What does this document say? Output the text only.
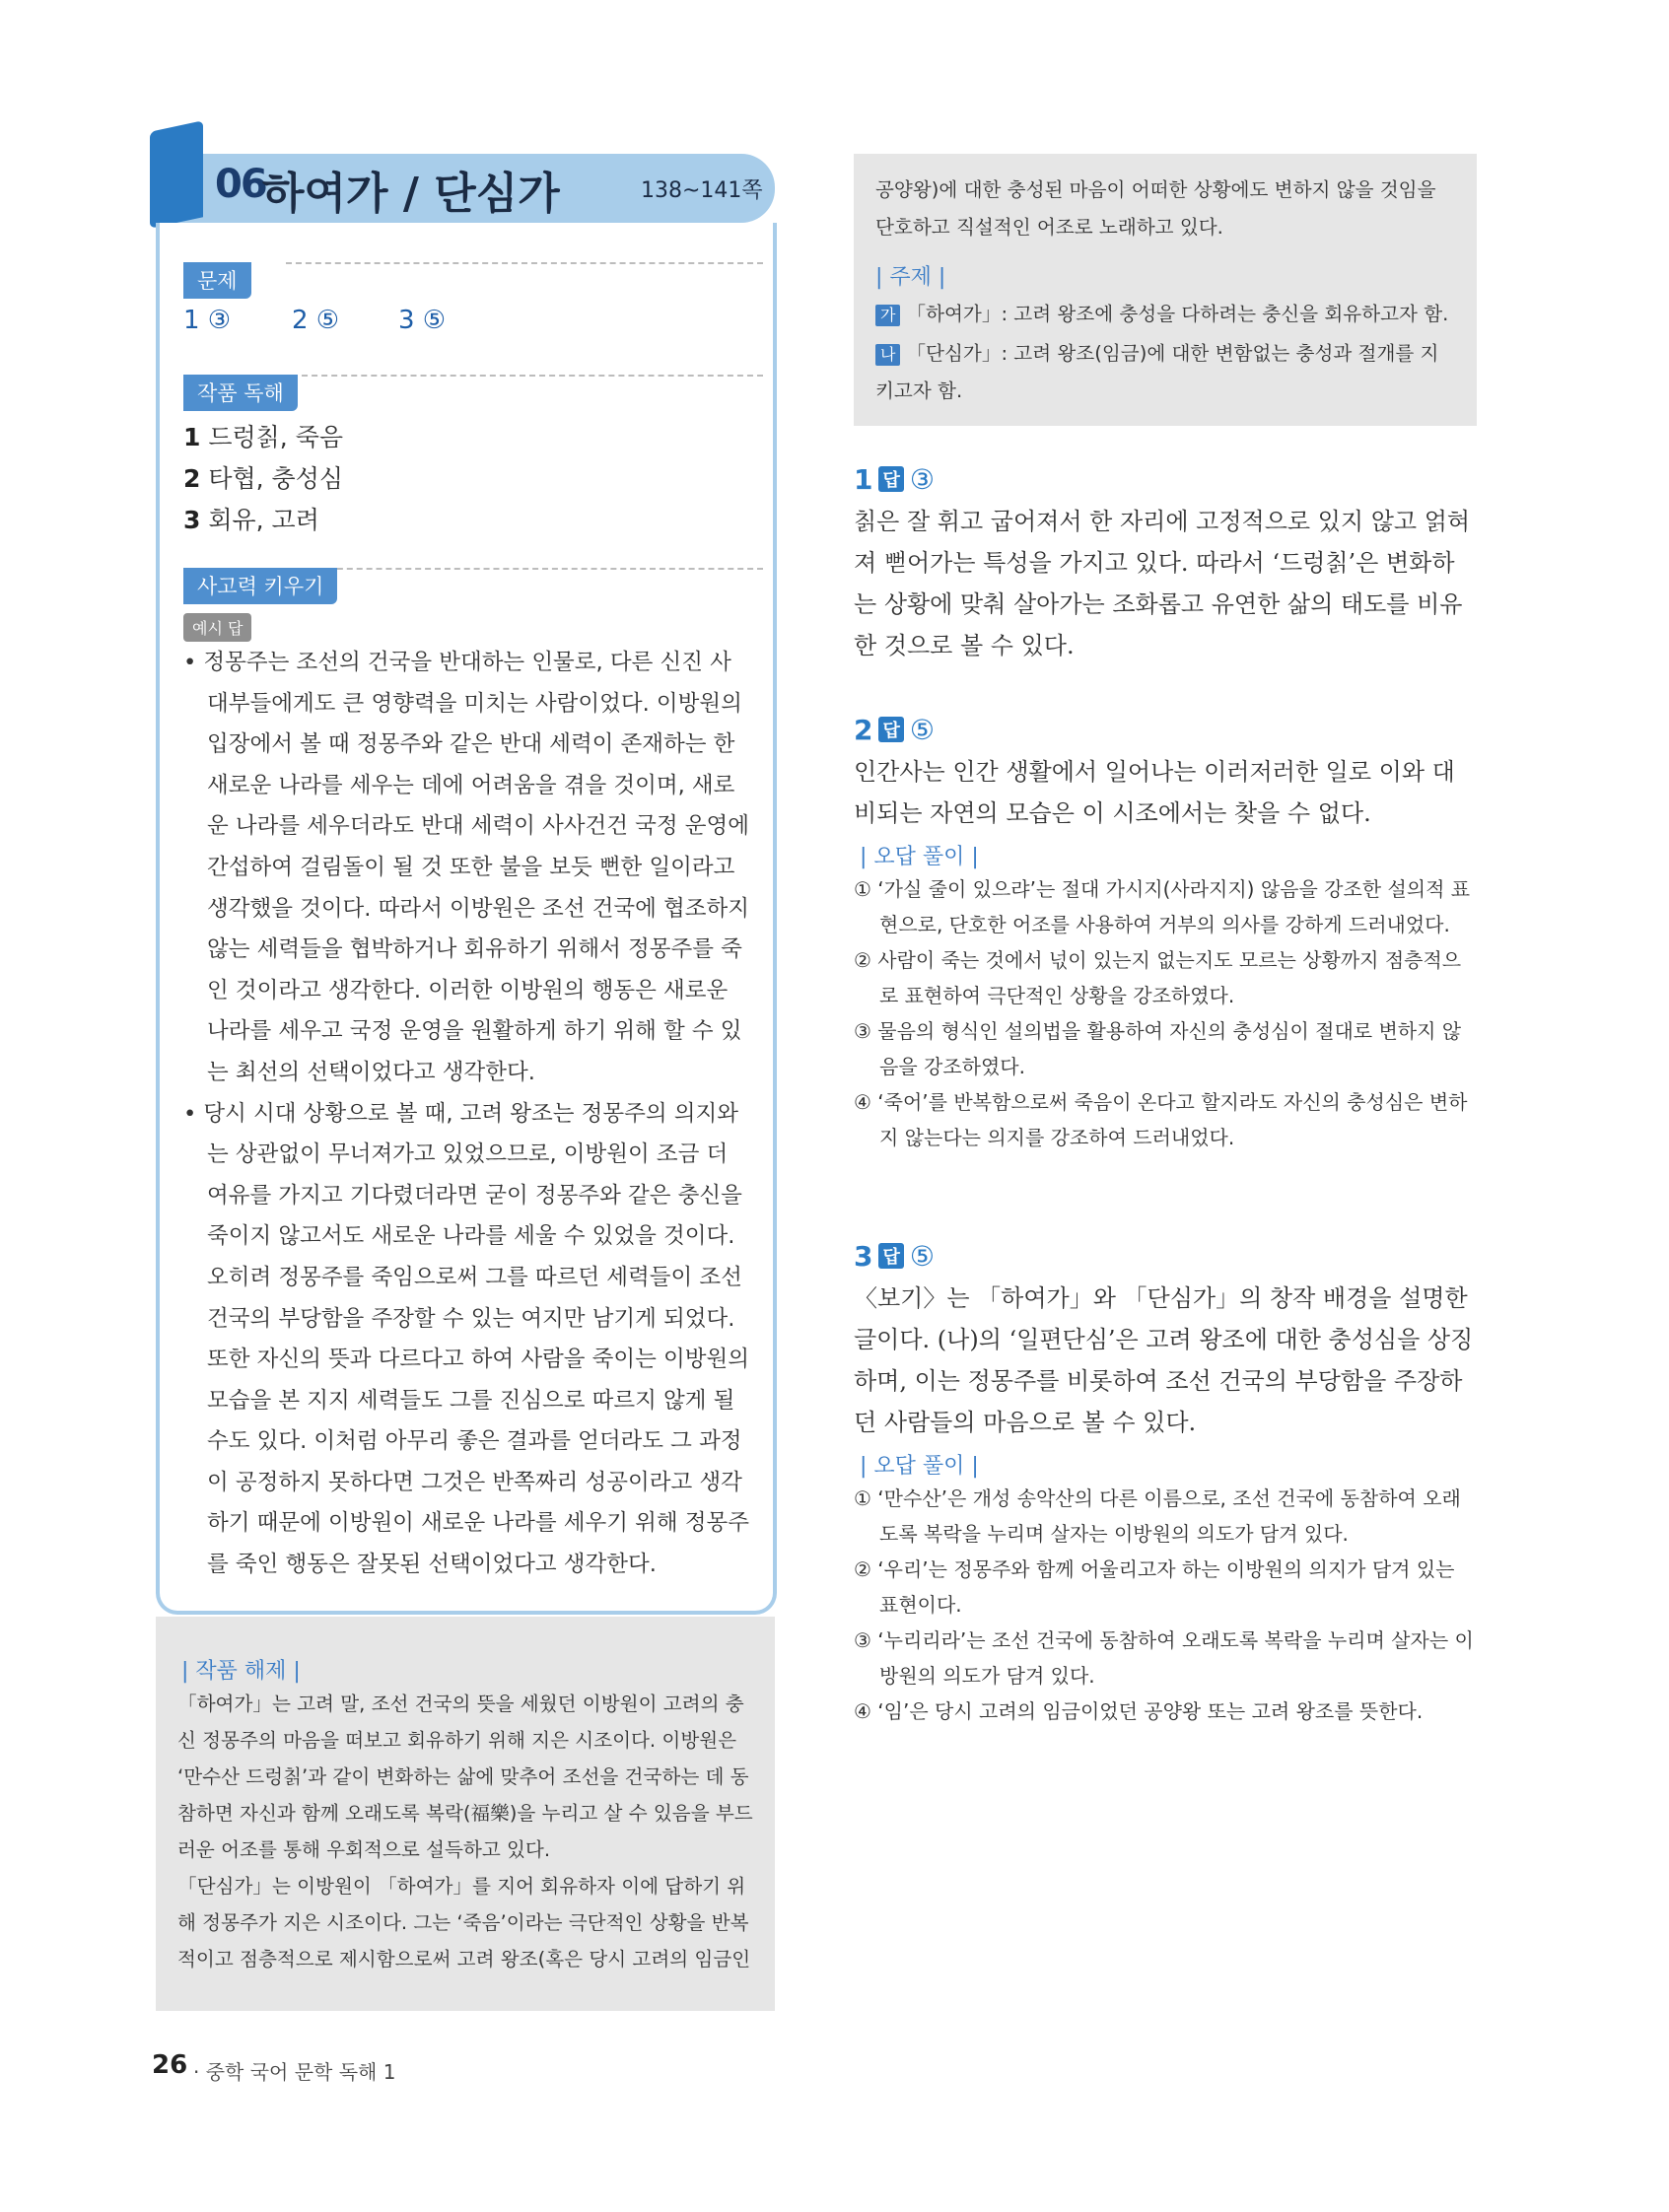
06
하여가 / 단심가	138~141쪽
문제
1 ③ 2 ⑤ 3 ⑤
작품 독해
1 드렁칡, 죽음
2 타협, 충성심
3 회유, 고려
사고력 키우기
예시 답

• 정몽주는 조선의 건국을 반대하는 인물로, 다른 신진 사대부들에게도 큰 영향력을 미치는 사람이었다. 이방원의 입장에서 볼 때 정몽주와 같은 반대 세력이 존재하는 한 새로운 나라를 세우는 데에 어려움을 겪을 것이며, 새로운 나라를 세우더라도 반대 세력이 사사건건 국정 운영에 간섭하여 걸림돌이 될 것 또한 불을 보듯 뻔한 일이라고 생각했을 것이다. 따라서 이방원은 조선 건국에 협조하지 않는 세력들을 협박하거나 회유하기 위해서 정몽주를 죽인 것이라고 생각한다. 이러한 이방원의 행동은 새로운 나라를 세우고 국정 운영을 원활하게 하기 위해 할 수 있는 최선의 선택이었다고 생각한다.

• 당시 시대 상황으로 볼 때, 고려 왕조는 정몽주의 의지와는 상관없이 무너져가고 있었으므로, 이방원이 조금 더 여유를 가지고 기다렸더라면 굳이 정몽주와 같은 충신을 죽이지 않고서도 새로운 나라를 세울 수 있었을 것이다. 오히려 정몽주를 죽임으로써 그를 따르던 세력들이 조선 건국의 부당함을 주장할 수 있는 여지만 남기게 되었다. 또한 자신의 뜻과 다르다고 하여 사람을 죽이는 이방원의 모습을 본 지지 세력들도 그를 진심으로 따르지 않게 될 수도 있다. 이처럼 아무리 좋은 결과를 얻더라도 그 과정이 공정하지 못하다면 그것은 반쪽짜리 성공이라고 생각하기 때문에 이방원이 새로운 나라를 세우기 위해 정몽주를 죽인 행동은 잘못된 선택이었다고 생각한다.

| 작품 해제 |

「하여가」는 고려 말, 조선 건국의 뜻을 세웠던 이방원이 고려의 충신 정몽주의 마음을 떠보고 회유하기 위해 지은 시조이다. 이방원은 ‘만수산 드렁칡’과 같이 변화하는 삶에 맞추어 조선을 건국하는 데 동참하면 자신과 함께 오래도록 복락(福樂)을 누리고 살 수 있음을 부드러운 어조를 통해 우회적으로 설득하고 있다.

「단심가」는 이방원이 「하여가」를 지어 회유하자 이에 답하기 위해 정몽주가 지은 시조이다. 그는 ‘죽음’이라는 극단적인 상황을 반복적이고 점층적으로 제시함으로써 고려 왕조(혹은 당시 고려의 임금인

26 · 중학 국어 문학 독해 1
공양왕)에 대한 충성된 마음이 어떠한 상황에도 변하지 않을 것임을 단호하고 직설적인 어조로 노래하고 있다.
| 주제 |
가 「하여가」: 고려 왕조에 충성을 다하려는 충신을 회유하고자 함.
나 「단심가」: 고려 왕조(임금)에 대한 변함없는 충성과 절개를 지키고자 함.
1 답 ③
칡은 잘 휘고 굽어져서 한 자리에 고정적으로 있지 않고 얽혀져 뻗어가는 특성을 가지고 있다. 따라서 ‘드렁칡’은 변화하는 상황에 맞춰 살아가는 조화롭고 유연한 삶의 태도를 비유한 것으로 볼 수 있다.
2 답 ⑤
인간사는 인간 생활에서 일어나는 이러저러한 일로 이와 대비되는 자연의 모습은 이 시조에서는 찾을 수 없다.
| 오답 풀이 |
① ‘가실 줄이 있으랴’는 절대 가시지(사라지지) 않음을 강조한 설의적 표현으로, 단호한 어조를 사용하여 거부의 의사를 강하게 드러내었다.
② 사람이 죽는 것에서 넋이 있는지 없는지도 모르는 상황까지 점층적으로 표현하여 극단적인 상황을 강조하였다.
③ 물음의 형식인 설의법을 활용하여 자신의 충성심이 절대로 변하지 않음을 강조하였다.
④ ‘죽어’를 반복함으로써 죽음이 온다고 할지라도 자신의 충성심은 변하지 않는다는 의지를 강조하여 드러내었다.
3 답 ⑤
〈보기〉는 「하여가」와 「단심가」의 창작 배경을 설명한 글이다. (나)의 ‘일편단심’은 고려 왕조에 대한 충성심을 상징하며, 이는 정몽주를 비롯하여 조선 건국의 부당함을 주장하던 사람들의 마음으로 볼 수 있다.
| 오답 풀이 |
① ‘만수산’은 개성 송악산의 다른 이름으로, 조선 건국에 동참하여 오래도록 복락을 누리며 살자는 이방원의 의도가 담겨 있다.
② ‘우리’는 정몽주와 함께 어울리고자 하는 이방원의 의지가 담겨 있는 표현이다.
③ ‘누리리라’는 조선 건국에 동참하여 오래도록 복락을 누리며 살자는 이방원의 의도가 담겨 있다.
④ ‘임’은 당시 고려의 임금이었던 공양왕 또는 고려 왕조를 뜻한다.
